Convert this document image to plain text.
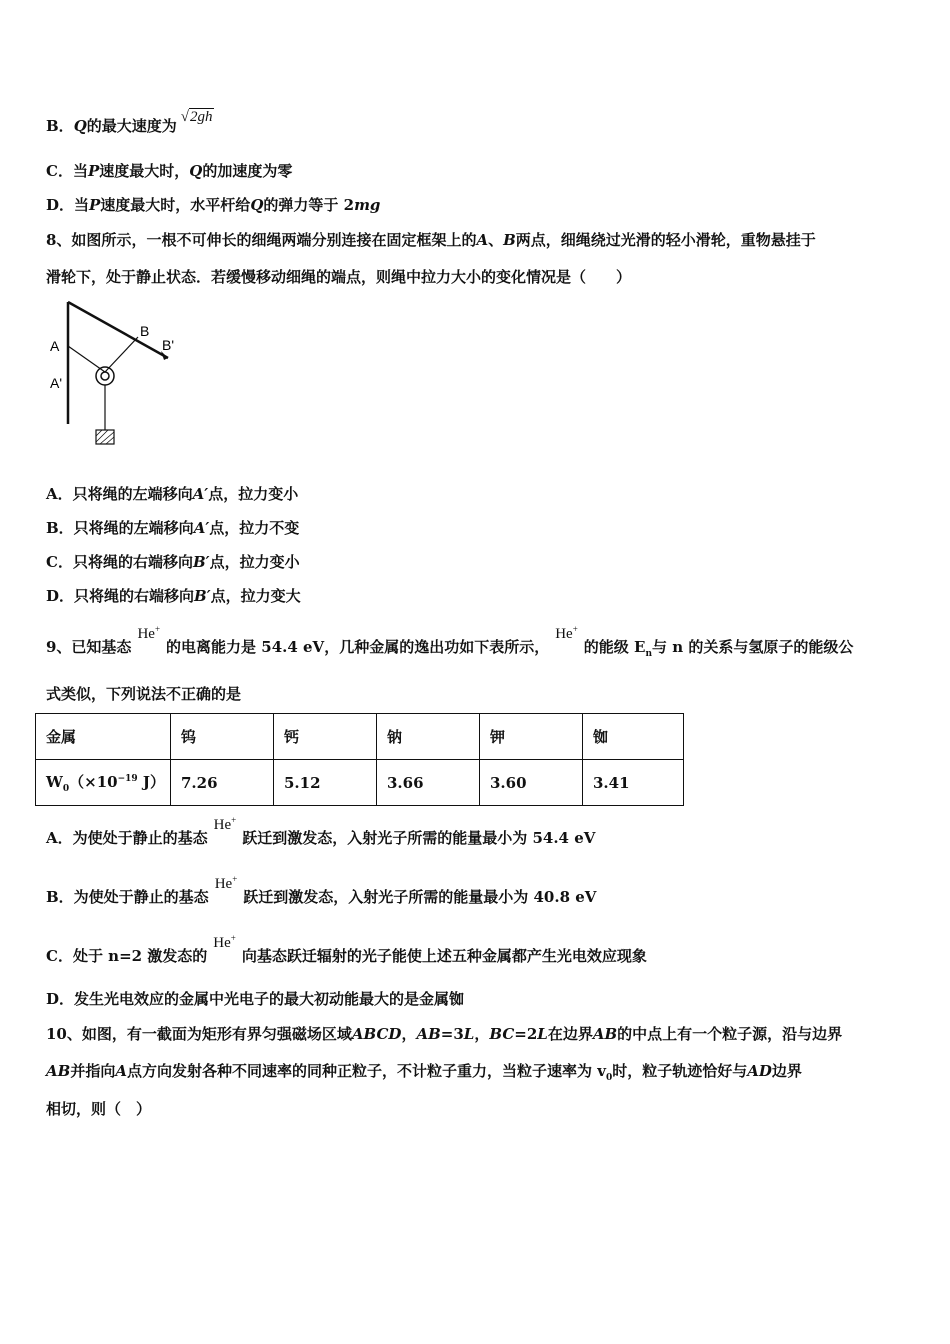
B．Q的最大速度为 √2gh
C．当P速度最大时，Q的加速度为零
D．当P速度最大时，水平杆给Q的弹力等于 2mg
8、如图所示，一根不可伸长的细绳两端分别连接在固定框架上的A、B两点，细绳绕过光滑的轻小滑轮，重物悬挂于
滑轮下，处于静止状态．若缓慢移动细绳的端点，则绳中拉力大小的变化情况是（　　）
A
A'
B
B'
A．只将绳的左端移向A′点，拉力变小
B．只将绳的左端移向A′点，拉力不变
C．只将绳的右端移向B′点，拉力变小
D．只将绳的右端移向B′点，拉力变大
9、已知基态He+的电离能力是 54.4 eV，几种金属的逸出功如下表所示，He+的能级 $E_n$与 n 的关系与氢原子的能级公
式类似，下列说法不正确的是
金属	钨	钙	钠	钾	铷
$W_0(\times 10^{-19}$ J）	7.26	5.12	3.66	3.60	3.41
A．为使处于静止的基态He+跃迁到激发态，入射光子所需的能量最小为 54.4 eV
B．为使处于静止的基态He+跃迁到激发态，入射光子所需的能量最小为 40.8 eV
C．处于 n=2 激发态的He+向基态跃迁辐射的光子能使上述五种金属都产生光电效应现象
D．发生光电效应的金属中光电子的最大初动能最大的是金属铷
10、如图，有一截面为矩形有界匀强磁场区域ABCD，AB=3L，BC=2L在边界AB的中点上有一个粒子源，沿与边界
AB并指向A点方向发射各种不同速率的同种正粒子，不计粒子重力，当粒子速率为 $v_0$时，粒子轨迹恰好与AD边界
相切，则（　）
